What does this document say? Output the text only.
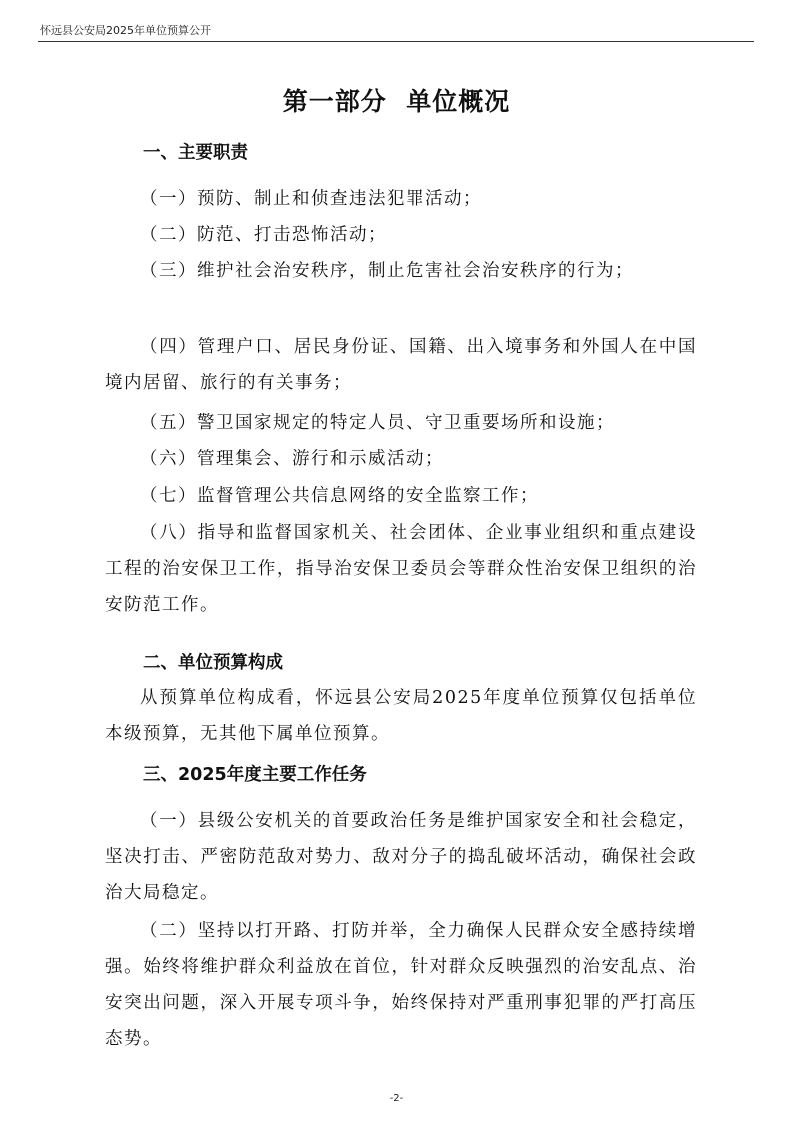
怀远县公安局2025年单位预算公开
第一部分  单位概况
一、主要职责
（一）预防、制止和侦查违法犯罪活动；
（二）防范、打击恐怖活动；
（三）维护社会治安秩序，制止危害社会治安秩序的行为；
（四）管理户口、居民身份证、国籍、出入境事务和外国人在中国境内居留、旅行的有关事务；
（五）警卫国家规定的特定人员、守卫重要场所和设施；
（六）管理集会、游行和示威活动；
（七）监督管理公共信息网络的安全监察工作；
（八）指导和监督国家机关、社会团体、企业事业组织和重点建设工程的治安保卫工作，指导治安保卫委员会等群众性治安保卫组织的治安防范工作。
二、单位预算构成
从预算单位构成看，怀远县公安局2025年度单位预算仅包括单位本级预算，无其他下属单位预算。
三、2025年度主要工作任务
（一）县级公安机关的首要政治任务是维护国家安全和社会稳定，坚决打击、严密防范敌对势力、敌对分子的捣乱破坏活动，确保社会政治大局稳定。
（二）坚持以打开路、打防并举，全力确保人民群众安全感持续增强。始终将维护群众利益放在首位，针对群众反映强烈的治安乱点、治安突出问题，深入开展专项斗争，始终保持对严重刑事犯罪的严打高压态势。
-2-
